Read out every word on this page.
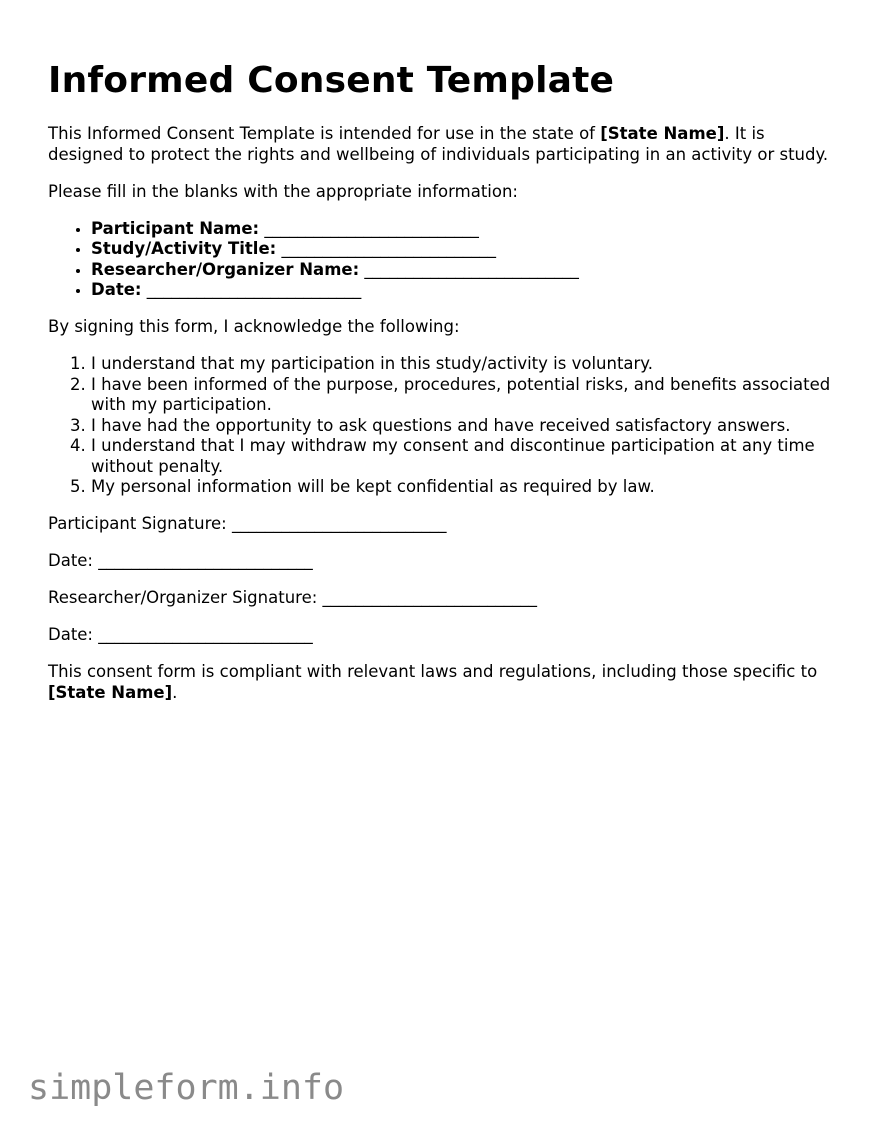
Informed Consent Template

This Informed Consent Template is intended for use in the state of [State Name]. It is designed to protect the rights and wellbeing of individuals participating in an activity or study.

Please fill in the blanks with the appropriate information:

• Participant Name: __________________________
• Study/Activity Title: __________________________
• Researcher/Organizer Name: __________________________
• Date: __________________________

By signing this form, I acknowledge the following:

1. I understand that my participation in this study/activity is voluntary.
2. I have been informed of the purpose, procedures, potential risks, and benefits associated with my participation.
3. I have had the opportunity to ask questions and have received satisfactory answers.
4. I understand that I may withdraw my consent and discontinue participation at any time without penalty.
5. My personal information will be kept confidential as required by law.

Participant Signature: __________________________

Date: __________________________

Researcher/Organizer Signature: __________________________

Date: __________________________

This consent form is compliant with relevant laws and regulations, including those specific to [State Name].

simpleform.info
